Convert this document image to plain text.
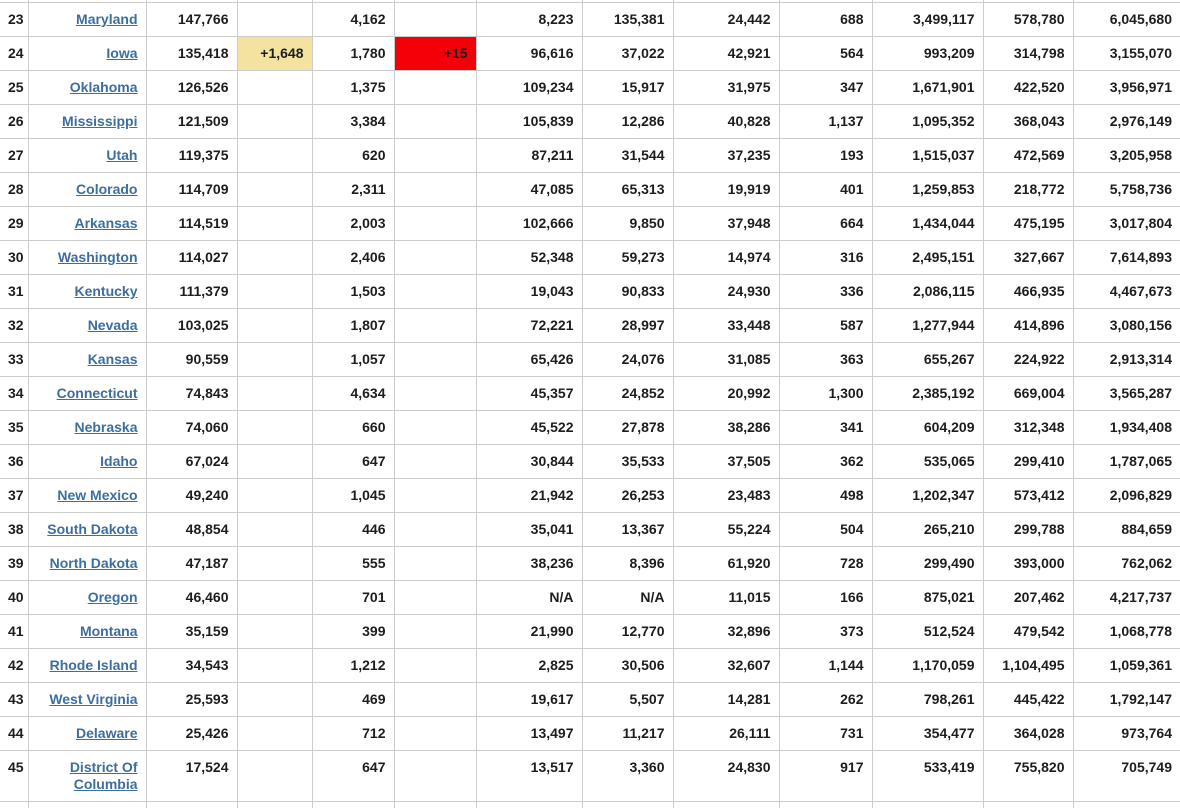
23	Maryland	147,766		4,162		8,223	135,381	24,442	688	3,499,117	578,780	6,045,680
24	Iowa	135,418	+1,648	1,780	+15	96,616	37,022	42,921	564	993,209	314,798	3,155,070
25	Oklahoma	126,526		1,375		109,234	15,917	31,975	347	1,671,901	422,520	3,956,971
26	Mississippi	121,509		3,384		105,839	12,286	40,828	1,137	1,095,352	368,043	2,976,149
27	Utah	119,375		620		87,211	31,544	37,235	193	1,515,037	472,569	3,205,958
28	Colorado	114,709		2,311		47,085	65,313	19,919	401	1,259,853	218,772	5,758,736
29	Arkansas	114,519		2,003		102,666	9,850	37,948	664	1,434,044	475,195	3,017,804
30	Washington	114,027		2,406		52,348	59,273	14,974	316	2,495,151	327,667	7,614,893
31	Kentucky	111,379		1,503		19,043	90,833	24,930	336	2,086,115	466,935	4,467,673
32	Nevada	103,025		1,807		72,221	28,997	33,448	587	1,277,944	414,896	3,080,156
33	Kansas	90,559		1,057		65,426	24,076	31,085	363	655,267	224,922	2,913,314
34	Connecticut	74,843		4,634		45,357	24,852	20,992	1,300	2,385,192	669,004	3,565,287
35	Nebraska	74,060		660		45,522	27,878	38,286	341	604,209	312,348	1,934,408
36	Idaho	67,024		647		30,844	35,533	37,505	362	535,065	299,410	1,787,065
37	New Mexico	49,240		1,045		21,942	26,253	23,483	498	1,202,347	573,412	2,096,829
38	South Dakota	48,854		446		35,041	13,367	55,224	504	265,210	299,788	884,659
39	North Dakota	47,187		555		38,236	8,396	61,920	728	299,490	393,000	762,062
40	Oregon	46,460		701		N/A	N/A	11,015	166	875,021	207,462	4,217,737
41	Montana	35,159		399		21,990	12,770	32,896	373	512,524	479,542	1,068,778
42	Rhode Island	34,543		1,212		2,825	30,506	32,607	1,144	1,170,059	1,104,495	1,059,361
43	West Virginia	25,593		469		19,617	5,507	14,281	262	798,261	445,422	1,792,147
44	Delaware	25,426		712		13,497	11,217	26,111	731	354,477	364,028	973,764
45	District Of Columbia	17,524		647		13,517	3,360	24,830	917	533,419	755,820	705,749
